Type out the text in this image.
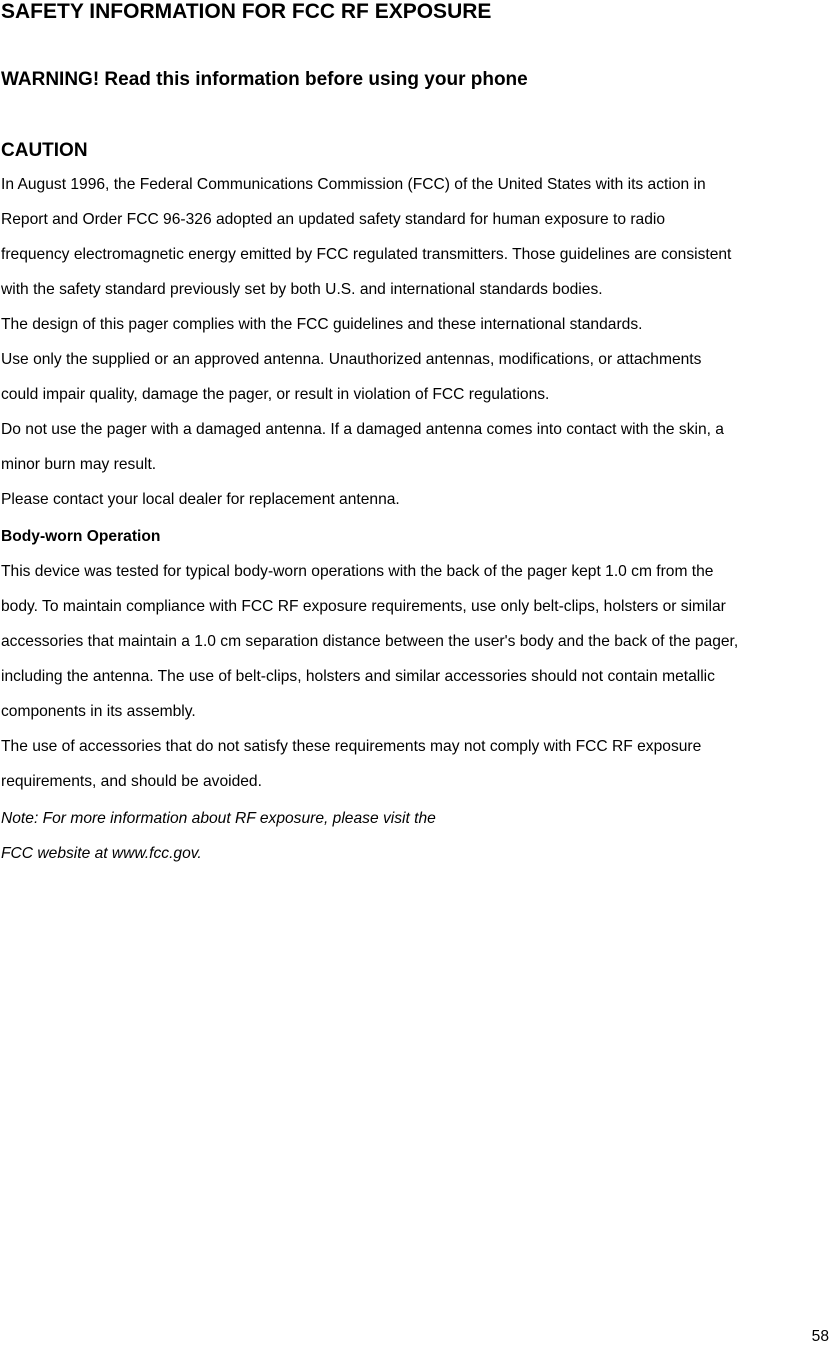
SAFETY INFORMATION FOR FCC RF EXPOSURE
WARNING! Read this information before using your phone
CAUTION

In August 1996, the Federal Communications Commission (FCC) of the United States with its action in

Report and Order FCC 96-326 adopted an updated safety standard for human exposure to radio

frequency electromagnetic energy emitted by FCC regulated transmitters. Those guidelines are consistent

with the safety standard previously set by both U.S. and international standards bodies.

The design of this pager complies with the FCC guidelines and these international standards.

Use only the supplied or an approved antenna. Unauthorized antennas, modifications, or attachments

could impair quality, damage the pager, or result in violation of FCC regulations.

Do not use the pager with a damaged antenna. If a damaged antenna comes into contact with the skin, a

minor burn may result.

Please contact your local dealer for replacement antenna.

Body-worn Operation

This device was tested for typical body-worn operations with the back of the pager kept 1.0 cm from the

body. To maintain compliance with FCC RF exposure requirements, use only belt-clips, holsters or similar

accessories that maintain a 1.0 cm separation distance between the user's body and the back of the pager,

including the antenna. The use of belt-clips, holsters and similar accessories should not contain metallic

components in its assembly.

The use of accessories that do not satisfy these requirements may not comply with FCC RF exposure

requirements, and should be avoided.

Note: For more information about RF exposure, please visit the

FCC website at www.fcc.gov.

58
